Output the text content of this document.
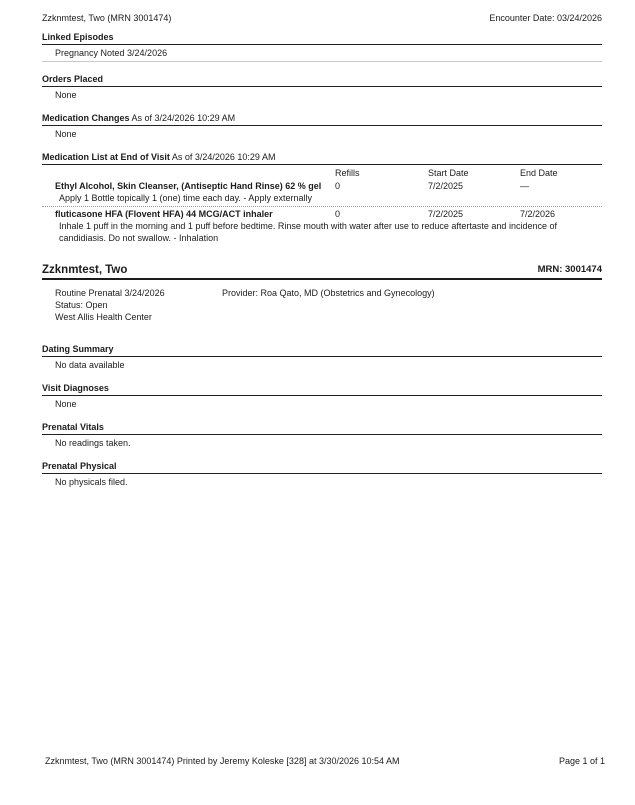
Zzknmtest, Two (MRN 3001474)	Encounter Date: 03/24/2026
Linked Episodes
Pregnancy Noted 3/24/2026
Orders Placed
None
Medication Changes As of 3/24/2026 10:29 AM
None
Medication List at End of Visit As of 3/24/2026 10:29 AM
Refills	Start Date	End Date
Ethyl Alcohol, Skin Cleanser, (Antiseptic Hand Rinse) 62 % gel	0	7/2/2025	—
Apply 1 Bottle topically 1 (one) time each day. - Apply externally
fluticasone HFA (Flovent HFA) 44 MCG/ACT inhaler	0	7/2/2025	7/2/2026
Inhale 1 puff in the morning and 1 puff before bedtime. Rinse mouth with water after use to reduce aftertaste and incidence of candidiasis. Do not swallow. - Inhalation
Zzknmtest, Two	MRN: 3001474
Routine Prenatal 3/24/2026
Status: Open
West Allis Health Center
Provider: Roa Qato, MD (Obstetrics and Gynecology)
Dating Summary
No data available
Visit Diagnoses
None
Prenatal Vitals
No readings taken.
Prenatal Physical
No physicals filed.
Zzknmtest, Two (MRN 3001474) Printed by Jeremy Koleske [328] at 3/30/2026 10:54 AM	Page 1 of 1
